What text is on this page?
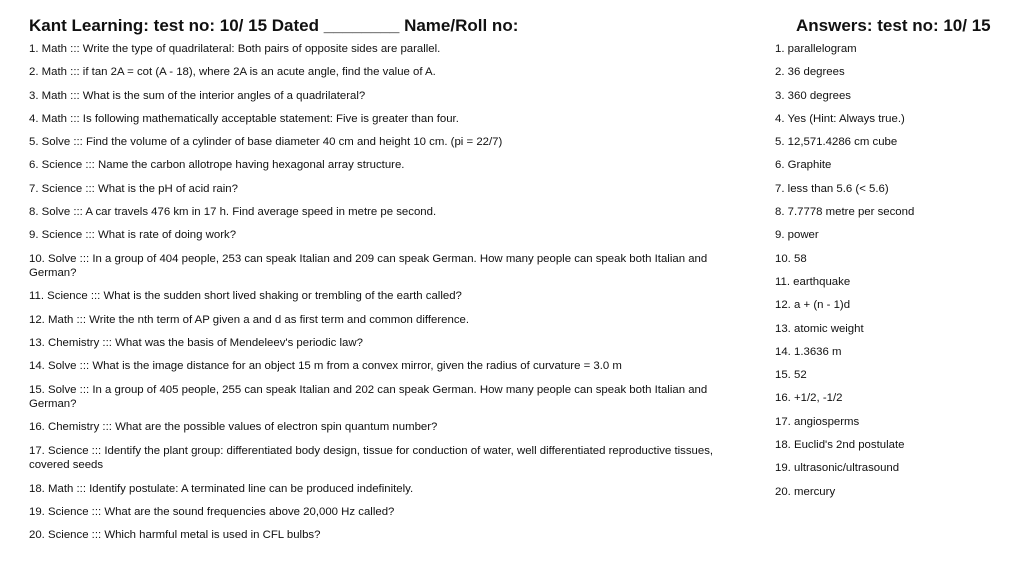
Kant Learning: test no: 10/ 15 Dated ________ Name/Roll no:	Answers: test no: 10/ 15
1. Math ::: Write the type of quadrilateral: Both pairs of opposite sides are parallel.
2. Math ::: if tan 2A = cot (A - 18), where 2A is an acute angle, find the value of A.
3. Math ::: What is the sum of the interior angles of a quadrilateral?
4. Math ::: Is following mathematically acceptable statement: Five is greater than four.
5. Solve ::: Find the volume of a cylinder of base diameter 40 cm and height 10 cm. (pi = 22/7)
6. Science ::: Name the carbon allotrope having hexagonal array structure.
7. Science ::: What is the pH of acid rain?
8. Solve ::: A car travels 476 km in 17 h. Find average speed in metre pe second.
9. Science ::: What is rate of doing work?
10. Solve ::: In a group of 404 people, 253 can speak Italian and 209 can speak German. How many people can speak both Italian and German?
11. Science ::: What is the sudden short lived shaking or trembling of the earth called?
12. Math ::: Write the nth term of AP given a and d as first term and common difference.
13. Chemistry ::: What was the basis of Mendeleev's periodic law?
14. Solve ::: What is the image distance for an object 15 m from a convex mirror, given the radius of curvature = 3.0 m
15. Solve ::: In a group of 405 people, 255 can speak Italian and 202 can speak German. How many people can speak both Italian and German?
16. Chemistry ::: What are the possible values of electron spin quantum number?
17. Science ::: Identify the plant group: differentiated body design, tissue for conduction of water, well differentiated reproductive tissues, covered seeds
18. Math ::: Identify postulate: A terminated line can be produced indefinitely.
19. Science ::: What are the sound frequencies above 20,000 Hz called?
20. Science ::: Which harmful metal is used in CFL bulbs?
1. parallelogram
2. 36 degrees
3. 360 degrees
4. Yes (Hint: Always true.)
5. 12,571.4286 cm cube
6. Graphite
7. less than 5.6 (< 5.6)
8. 7.7778 metre per second
9. power
10. 58
11. earthquake
12. a + (n - 1)d
13. atomic weight
14. 1.3636 m
15. 52
16. +1/2, -1/2
17. angiosperms
18. Euclid's 2nd postulate
19. ultrasonic/ultrasound
20. mercury
